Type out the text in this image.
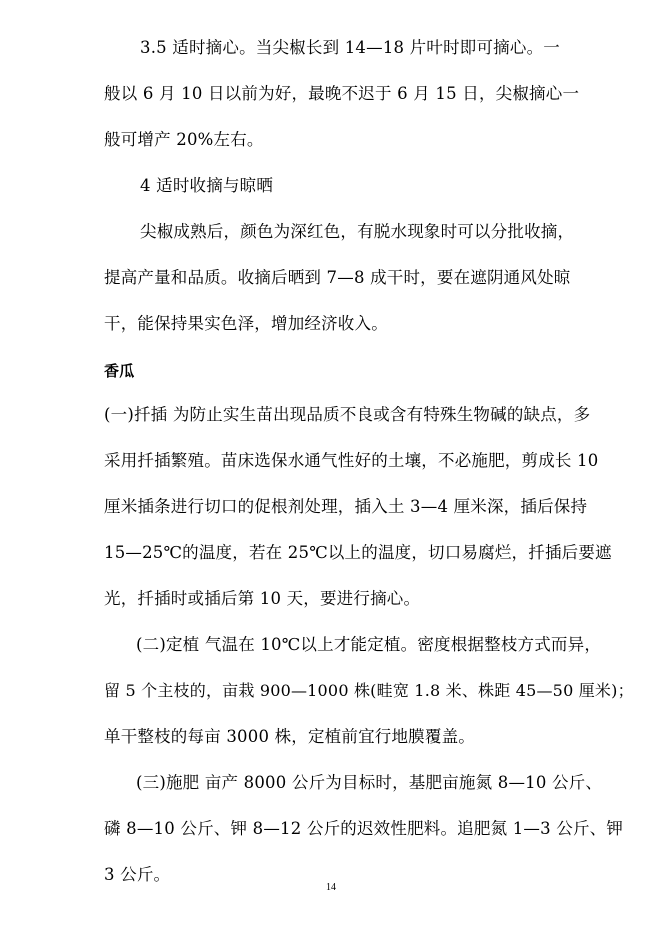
3.5 适时摘心。当尖椒长到 14—18 片叶时即可摘心。一
般以 6 月 10 日以前为好，最晚不迟于 6 月 15 日，尖椒摘心一
般可增产 20%左右。
4 适时收摘与晾晒
尖椒成熟后，颜色为深红色，有脱水现象时可以分批收摘，
提高产量和品质。收摘后晒到 7—8 成干时，要在遮阴通风处晾
干，能保持果实色泽，增加经济收入。
香瓜
(一)扦插 为防止实生苗出现品质不良或含有特殊生物碱的缺点，多
采用扦插繁殖。苗床选保水通气性好的土壤，不必施肥，剪成长 10
厘米插条进行切口的促根剂处理，插入土 3—4 厘米深，插后保持
15—25℃的温度，若在 25℃以上的温度，切口易腐烂，扦插后要遮
光，扦插时或插后第 10 天，要进行摘心。
(二)定植 气温在 10℃以上才能定植。密度根据整枝方式而异，
留 5 个主枝的，亩栽 900—1000 株(畦宽 1.8 米、株距 45—50 厘米)；
单干整枝的每亩 3000 株，定植前宜行地膜覆盖。
(三)施肥 亩产 8000 公斤为目标时，基肥亩施氮 8—10 公斤、
磷 8—10 公斤、钾 8—12 公斤的迟效性肥料。追肥氮 1—3 公斤、钾
3 公斤。
14
